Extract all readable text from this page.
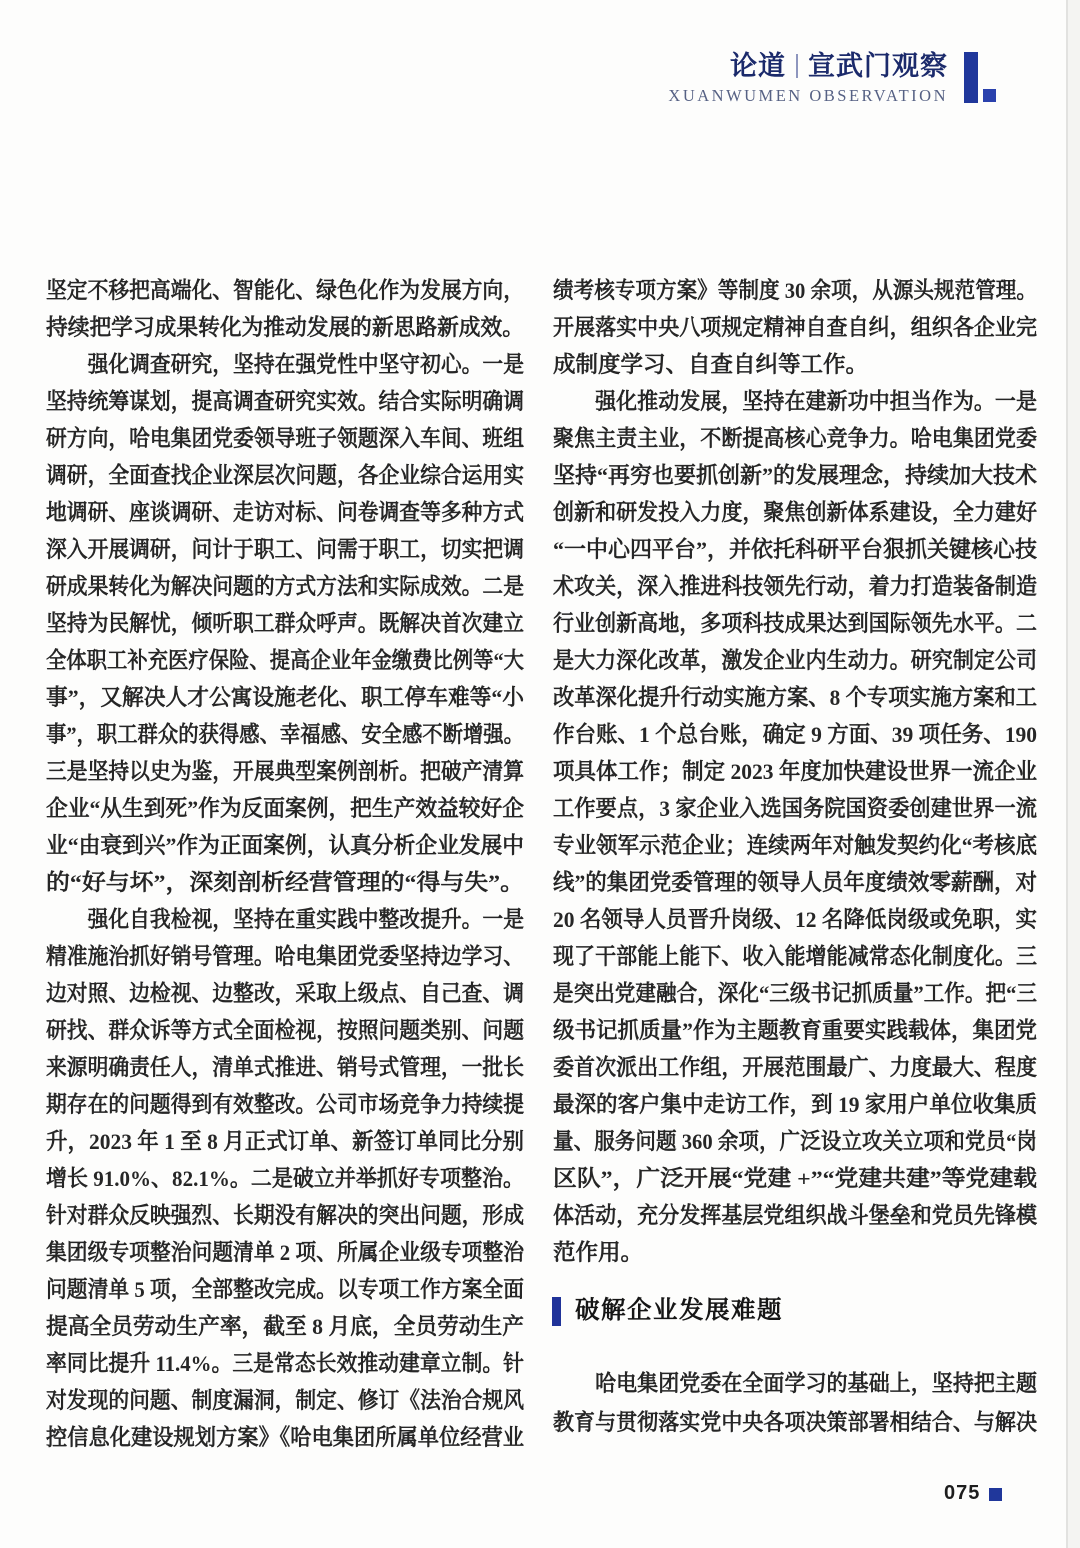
论道 宣武门观察
XUANWUMEN OBSERVATION
坚定不移把高端化、智能化、绿色化作为发展方向，
持续把学习成果转化为推动发展的新思路新成效。
　　强化调查研究，坚持在强党性中坚守初心。一是
坚持统筹谋划，提高调查研究实效。结合实际明确调
研方向，哈电集团党委领导班子领题深入车间、班组
调研，全面查找企业深层次问题，各企业综合运用实
地调研、座谈调研、走访对标、问卷调查等多种方式
深入开展调研，问计于职工、问需于职工，切实把调
研成果转化为解决问题的方式方法和实际成效。二是
坚持为民解忧，倾听职工群众呼声。既解决首次建立
全体职工补充医疗保险、提高企业年金缴费比例等“大
事”，又解决人才公寓设施老化、职工停车难等“小
事”，职工群众的获得感、幸福感、安全感不断增强。
三是坚持以史为鉴，开展典型案例剖析。把破产清算
企业“从生到死”作为反面案例，把生产效益较好企
业“由衰到兴”作为正面案例，认真分析企业发展中
的“好与坏”，深刻剖析经营管理的“得与失”。
　　强化自我检视，坚持在重实践中整改提升。一是
精准施治抓好销号管理。哈电集团党委坚持边学习、
边对照、边检视、边整改，采取上级点、自己查、调
研找、群众诉等方式全面检视，按照问题类别、问题
来源明确责任人，清单式推进、销号式管理，一批长
期存在的问题得到有效整改。公司市场竞争力持续提
升，2023 年 1 至 8 月正式订单、新签订单同比分别
增长 91.0%、82.1%。二是破立并举抓好专项整治。
针对群众反映强烈、长期没有解决的突出问题，形成
集团级专项整治问题清单 2 项、所属企业级专项整治
问题清单 5 项，全部整改完成。以专项工作方案全面
提高全员劳动生产率，截至 8 月底，全员劳动生产
率同比提升 11.4%。三是常态长效推动建章立制。针
对发现的问题、制度漏洞，制定、修订《法治合规风
控信息化建设规划方案》《哈电集团所属单位经营业
绩考核专项方案》等制度 30 余项，从源头规范管理。
开展落实中央八项规定精神自查自纠，组织各企业完
成制度学习、自查自纠等工作。
　　强化推动发展，坚持在建新功中担当作为。一是
聚焦主责主业，不断提高核心竞争力。哈电集团党委
坚持“再穷也要抓创新”的发展理念，持续加大技术
创新和研发投入力度，聚焦创新体系建设，全力建好
“一中心四平台”，并依托科研平台狠抓关键核心技
术攻关，深入推进科技领先行动，着力打造装备制造
行业创新高地，多项科技成果达到国际领先水平。二
是大力深化改革，激发企业内生动力。研究制定公司
改革深化提升行动实施方案、8 个专项实施方案和工
作台账、1 个总台账，确定 9 方面、39 项任务、190
项具体工作；制定 2023 年度加快建设世界一流企业
工作要点，3 家企业入选国务院国资委创建世界一流
专业领军示范企业；连续两年对触发契约化“考核底
线”的集团党委管理的领导人员年度绩效零薪酬，对
20 名领导人员晋升岗级、12 名降低岗级或免职，实
现了干部能上能下、收入能增能减常态化制度化。三
是突出党建融合，深化“三级书记抓质量”工作。把“三
级书记抓质量”作为主题教育重要实践载体，集团党
委首次派出工作组，开展范围最广、力度最大、程度
最深的客户集中走访工作，到 19 家用户单位收集质
量、服务问题 360 余项，广泛设立攻关立项和党员“岗
区队”，广泛开展“党建 +”“党建共建”等党建载
体活动，充分发挥基层党组织战斗堡垒和党员先锋模
范作用。
破解企业发展难题
　　哈电集团党委在全面学习的基础上，坚持把主题
教育与贯彻落实党中央各项决策部署相结合、与解决
075
